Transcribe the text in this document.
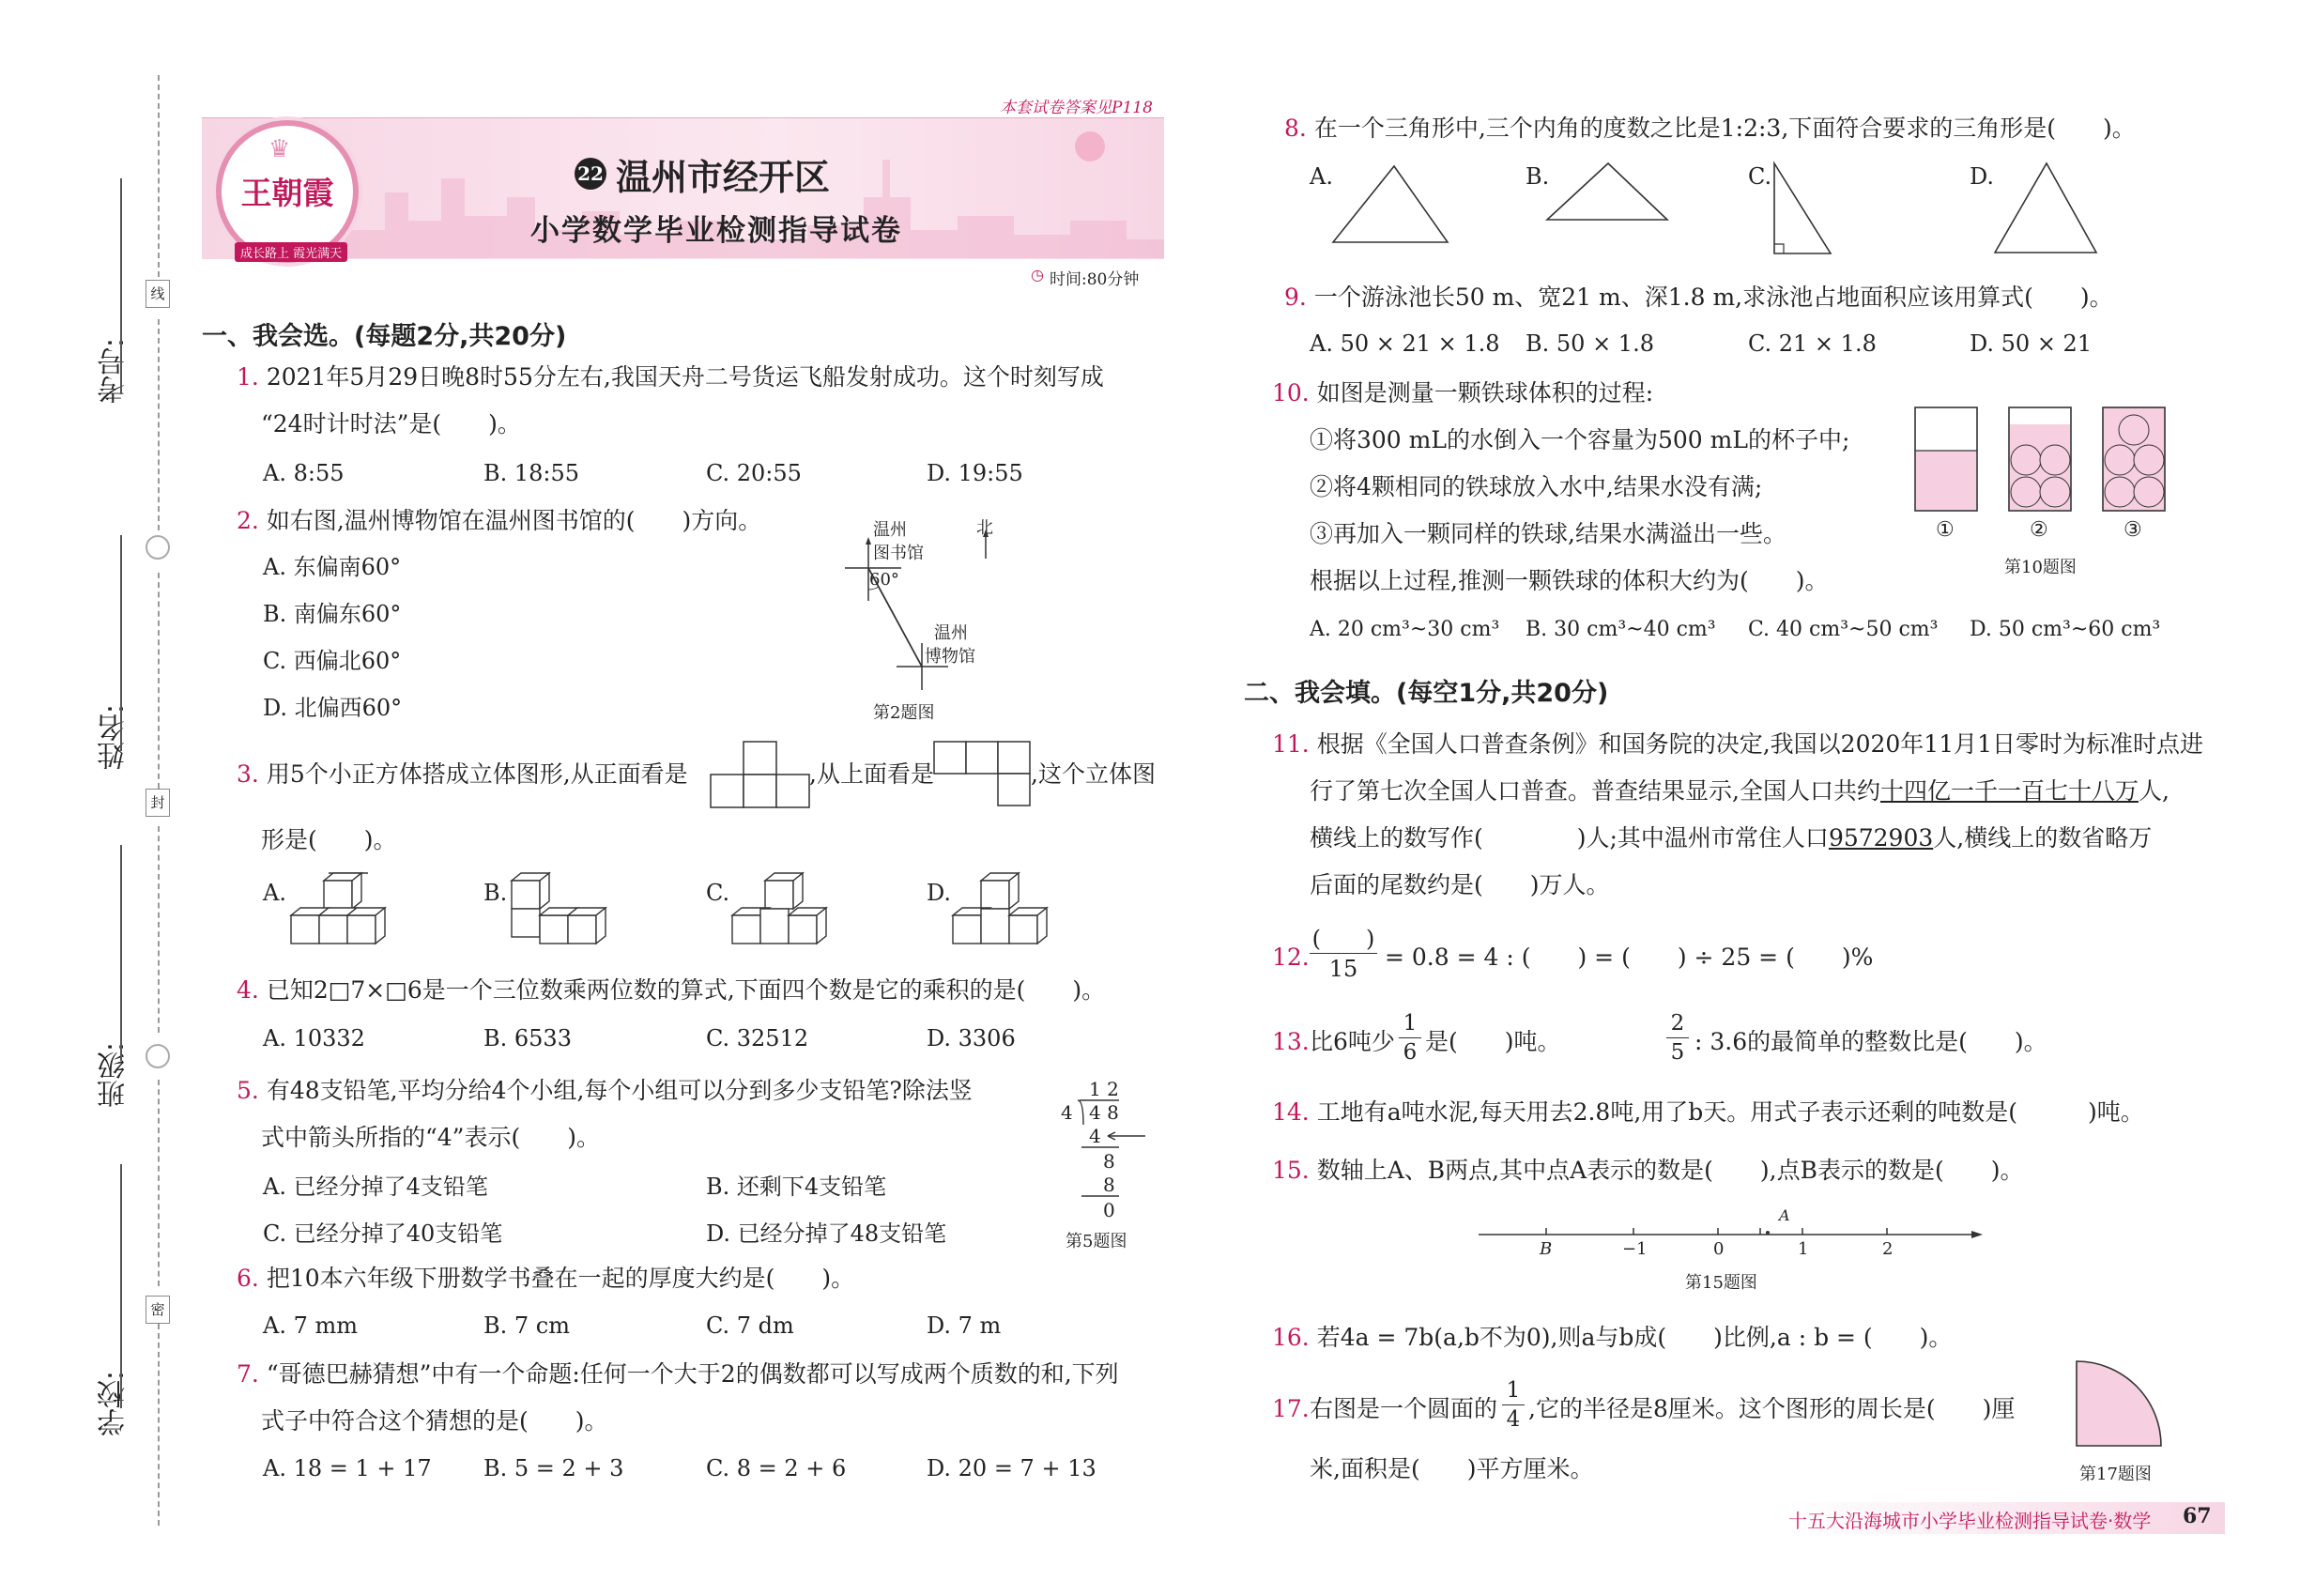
线
封
密
考号:
姓名:
班级:
学校:
本套试卷答案见P118
♛
王朝霞
成长路上 霞光满天
22 温州市经开区
小学数学毕业检测指导试卷
◷ 时间:80分钟
一、我会选。(每题2分,共20分)
1. 2021年5月29日晚8时55分左右,我国天舟二号货运飞船发射成功。这个时刻写成
“24时计时法”是(　　)。
A. 8:55	B. 18:55	C. 20:55	D. 19:55
2. 如右图,温州博物馆在温州图书馆的(　　)方向。
A. 东偏南60°
B. 南偏东60°
C. 西偏北60°
D. 北偏西60°
温州
图书馆
北
60°
温州
博物馆
第2题图
3. 用5个小正方体搭成立体图形,从正面看是	,从上面看是	,这个立体图
形是(　　)。
A.	B.	C.	D.
4. 已知2□7×□6是一个三位数乘两位数的算式,下面四个数是它的乘积的是(　　)。
A. 10332	B. 6533	C. 32512	D. 3306
5. 有48支铅笔,平均分给4个小组,每个小组可以分到多少支铅笔?除法竖
式中箭头所指的“4”表示(　　)。
A. 已经分掉了4支铅笔	B. 还剩下4支铅笔
C. 已经分掉了40支铅笔	D. 已经分掉了48支铅笔
1 2
4 4 8
4
8
8
0
第5题图
6. 把10本六年级下册数学书叠在一起的厚度大约是(　　)。
A. 7 mm	B. 7 cm	C. 7 dm	D. 7 m
7. “哥德巴赫猜想”中有一个命题:任何一个大于2的偶数都可以写成两个质数的和,下列
式子中符合这个猜想的是(　　)。
A. 18 = 1 + 17 B. 5 = 2 + 3	C. 8 = 2 + 6	D. 20 = 7 + 13
8. 在一个三角形中,三个内角的度数之比是1:2:3,下面符合要求的三角形是(　　)。
A.	B.	C.	D.
9. 一个游泳池长50 m、宽21 m、深1.8 m,求泳池占地面积应该用算式(　　)。
A. 50 × 21 × 1.8 B. 50 × 1.8	C. 21 × 1.8	D. 50 × 21
10. 如图是测量一颗铁球体积的过程:
①将300 mL的水倒入一个容量为500 mL的杯子中;
②将4颗相同的铁球放入水中,结果水没有满;
③再加入一颗同样的铁球,结果水满溢出一些。
根据以上过程,推测一颗铁球的体积大约为(　　)。
①	②	③
第10题图
A. 20 cm³~30 cm³ B. 30 cm³~40 cm³ C. 40 cm³~50 cm³ D. 50 cm³~60 cm³
二、我会填。(每空1分,共20分)
11. 根据《全国人口普查条例》和国务院的决定,我国以2020年11月1日零时为标准时点进
行了第七次全国人口普查。普查结果显示,全国人口共约十四亿一千一百七十八万人,
横线上的数写作(　　　　)人;其中温州市常住人口9572903人,横线上的数省略万
后面的尾数约是(　　)万人。
12.
(　　)
15	= 0.8 = 4 : (　　) = (　　) ÷ 25 = (　　)%
13. 比6吨少 $\frac{1}{6}$ 是(　　)吨。	$\frac{2}{5}$ : 3.6的最简单的整数比是(　　)。
14. 工地有a吨水泥,每天用去2.8吨,用了b天。用式子表示还剩的吨数是(　　　)吨。
15. 数轴上A、B两点,其中点A表示的数是(　　),点B表示的数是(　　)。
B
A
−1	0	1	2
第15题图
16. 若4a = 7b(a,b不为0),则a与b成(　　)比例,a : b = (　　)。
17. 右图是一个圆面的 $\frac{1}{4}$ ,它的半径是8厘米。这个图形的周长是(　　)厘
米,面积是(　　)平方厘米。	第17题图
十五大沿海城市小学毕业检测指导试卷·数学 67
